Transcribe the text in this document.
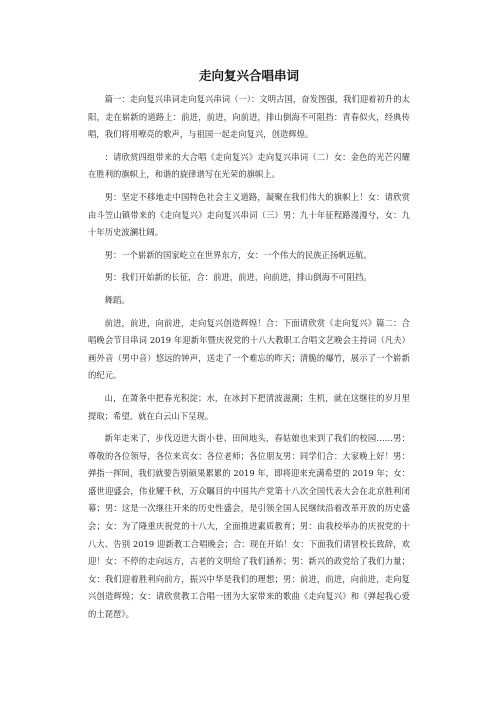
走向复兴合唱串词

篇一：走向复兴串词走向复兴串词（一）：文明古国，奋发图强，我们迎着初升的太阳，走在崭新的道路上：前进，前进，向前进，排山倒海不可阻挡：青春似火，经典传唱，我们将用嘹亮的歌声，与祖国一起走向复兴，创造辉煌。

：请欣赏四组带来的大合唱《走向复兴》走向复兴串词（二）女：金色的光芒闪耀在胜利的旗帜上，和谐的旋律谱写在光荣的旗帜上。

男：坚定不移地走中国特色社会主义道路，凝聚在我们伟大的旗帜上！女：请欣赏由斗笠山镇带来的《走向复兴》走向复兴串词（三）男：九十年征程路漫漫兮，女：九十年历史波澜壮阔。

男：一个崭新的国家屹立在世界东方，女：一个伟大的民族正扬帆远航。

男：我们开始新的长征，合：前进，前进，向前进，排山倒海不可阻挡。

舞蹈。

前进，前进，向前进，走向复兴创造辉煌！合：下面请欣赏《走向复兴》篇二：合唱晚会节目串词 2019 年迎新年暨庆祝党的十八大教职工合唱文艺晚会主持词（凡夫）画外音（男中音）悠远的钟声，送走了一个难忘的昨天；清脆的爆竹，展示了一个崭新的纪元。

山，在萧条中把春光积淀；水，在冰封下把清波滋潮；生机，就在这继往的岁月里提取；希望，就在白云山下呈现。

新年走来了，步伐迈进大街小巷、田间地头，春姑娘也来到了我们的校园……男：尊敬的各位领导，各位来宾女：各位老师；各位朋友男：同学们合：大家晚上好！男：弹指一挥间，我们就要告别硕果累累的 2019 年，即将迎来充满希望的 2019 年；女：盛世迎盛会，伟业耀千秋，万众瞩目的中国共产党第十八次全国代表大会在北京胜利闭幕；男：这是一次继往开来的历史性盛会，是引领全国人民继续沿着改革开放的历史盛会；女：为了隆重庆祝党的十八大，全面推进素质教育；男：由我校举办的庆祝党的十八大、告别 2019 迎新教工合唱晚会；合：现在开始！女：下面我们请冒校长致辞，欢迎！女：不停的走向远方，古老的文明给了我们涵养；男：新兴的政党给了我们力量；女：我们迎着胜利向前方，振兴中华是我们的理想；男：前进，前进，向前进，走向复兴创造辉煌；女：请欣赏教工合唱一团为大家带来的歌曲《走向复兴》和《弹起我心爱的土琵琶》。
